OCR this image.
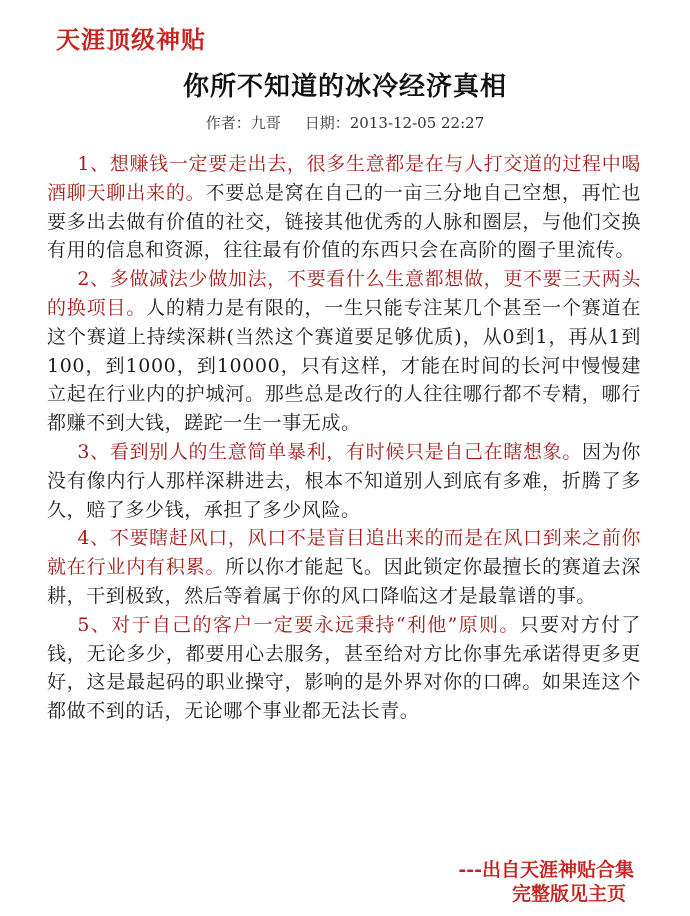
天涯顶级神贴
你所不知道的冰冷经济真相
作者：九哥 日期：2013-12-05 22:27

1、想赚钱一定要走出去，很多生意都是在与人打交道的过程中喝酒聊天聊出来的。不要总是窝在自己的一亩三分地自己空想，再忙也要多出去做有价值的社交，链接其他优秀的人脉和圈层，与他们交换有用的信息和资源，往往最有价值的东西只会在高阶的圈子里流传。

2、多做减法少做加法，不要看什么生意都想做，更不要三天两头的换项目。人的精力是有限的，一生只能专注某几个甚至一个赛道在这个赛道上持续深耕(当然这个赛道要足够优质)，从0到1，再从1到100，到1000，到10000，只有这样，才能在时间的长河中慢慢建立起在行业内的护城河。那些总是改行的人往往哪行都不专精，哪行都赚不到大钱，蹉跎一生一事无成。

3、看到别人的生意简单暴利，有时候只是自己在瞎想象。因为你没有像内行人那样深耕进去，根本不知道别人到底有多难，折腾了多久，赔了多少钱，承担了多少风险。

4、不要瞎赶风口，风口不是盲目追出来的而是在风口到来之前你就在行业内有积累。所以你才能起飞。因此锁定你最擅长的赛道去深耕，干到极致，然后等着属于你的风口降临这才是最靠谱的事。

5、对于自己的客户一定要永远秉持“利他”原则。只要对方付了钱，无论多少，都要用心去服务，甚至给对方比你事先承诺得更多更好，这是最起码的职业操守，影响的是外界对你的口碑。如果连这个都做不到的话，无论哪个事业都无法长青。

---出自天涯神贴合集
完整版见主页
